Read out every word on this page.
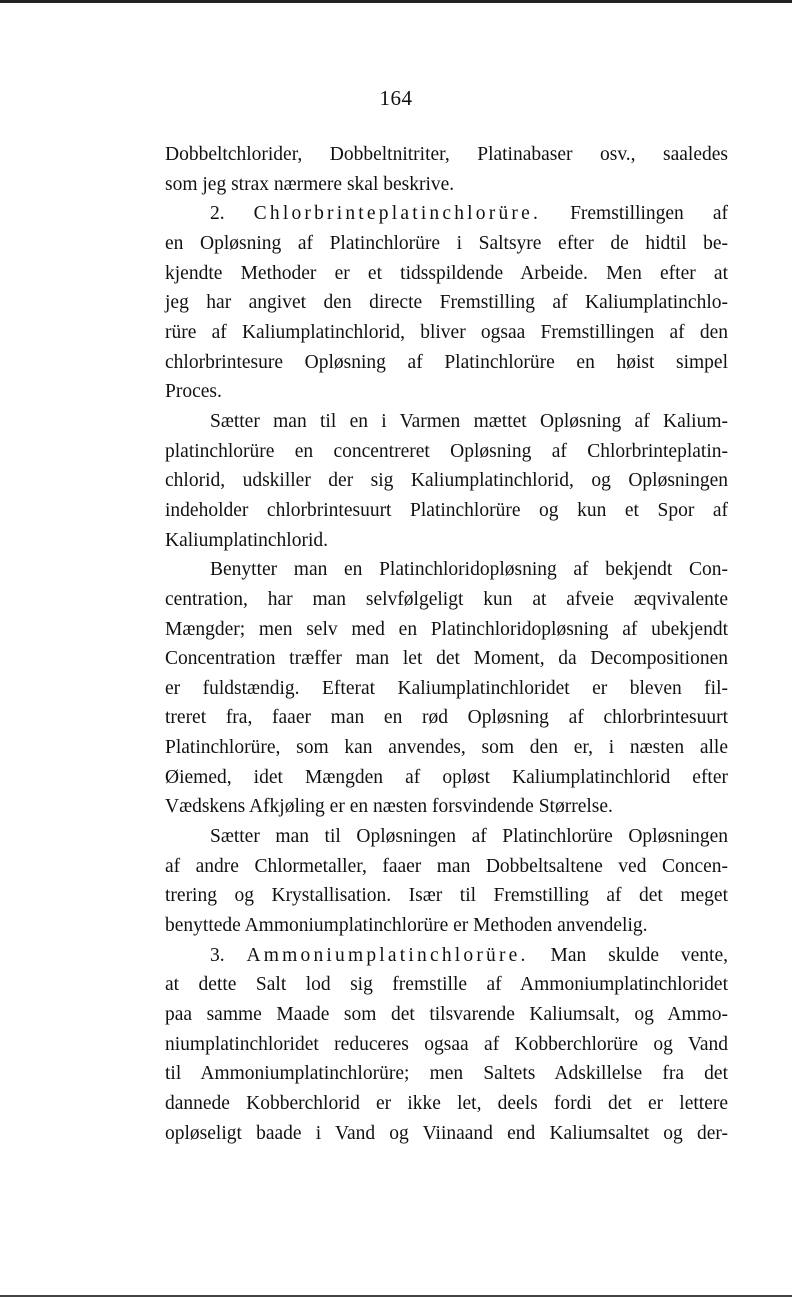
164
Dobbeltchlorider, Dobbeltnitriter, Platinabaser osv., saaledes
som jeg strax nærmere skal beskrive.
2. Chlorbrinteplatinchlorüre. Fremstillingen af
en Opløsning af Platinchlorüre i Saltsyre efter de hidtil be-
kjendte Methoder er et tidsspildende Arbeide. Men efter at
jeg har angivet den directe Fremstilling af Kaliumplatinchlo-
rüre af Kaliumplatinchlorid, bliver ogsaa Fremstillingen af den
chlorbrintesure Opløsning af Platinchlorüre en høist simpel
Proces.
Sætter man til en i Varmen mættet Opløsning af Kalium-
platinchlorüre en concentreret Opløsning af Chlorbrinteplatin-
chlorid, udskiller der sig Kaliumplatinchlorid, og Opløsningen
indeholder chlorbrintesuurt Platinchlorüre og kun et Spor af
Kaliumplatinchlorid.
Benytter man en Platinchloridopløsning af bekjendt Con-
centration, har man selvfølgeligt kun at afveie æqvivalente
Mængder; men selv med en Platinchloridopløsning af ubekjendt
Concentration træffer man let det Moment, da Decompositionen
er fuldstændig. Efterat Kaliumplatinchloridet er bleven fil-
treret fra, faaer man en rød Opløsning af chlorbrintesuurt
Platinchlorüre, som kan anvendes, som den er, i næsten alle
Øiemed, idet Mængden af opløst Kaliumplatinchlorid efter
Vædskens Afkjøling er en næsten forsvindende Størrelse.
Sætter man til Opløsningen af Platinchlorüre Opløsningen
af andre Chlormetaller, faaer man Dobbeltsaltene ved Concen-
trering og Krystallisation. Især til Fremstilling af det meget
benyttede Ammoniumplatinchlorüre er Methoden anvendelig.
3. Ammoniumplatinchlorüre. Man skulde vente,
at dette Salt lod sig fremstille af Ammoniumplatinchloridet
paa samme Maade som det tilsvarende Kaliumsalt, og Ammo-
niumplatinchloridet reduceres ogsaa af Kobberchlorüre og Vand
til Ammoniumplatinchlorüre; men Saltets Adskillelse fra det
dannede Kobberchlorid er ikke let, deels fordi det er lettere
opløseligt baade i Vand og Viinaand end Kaliumsaltet og der-
